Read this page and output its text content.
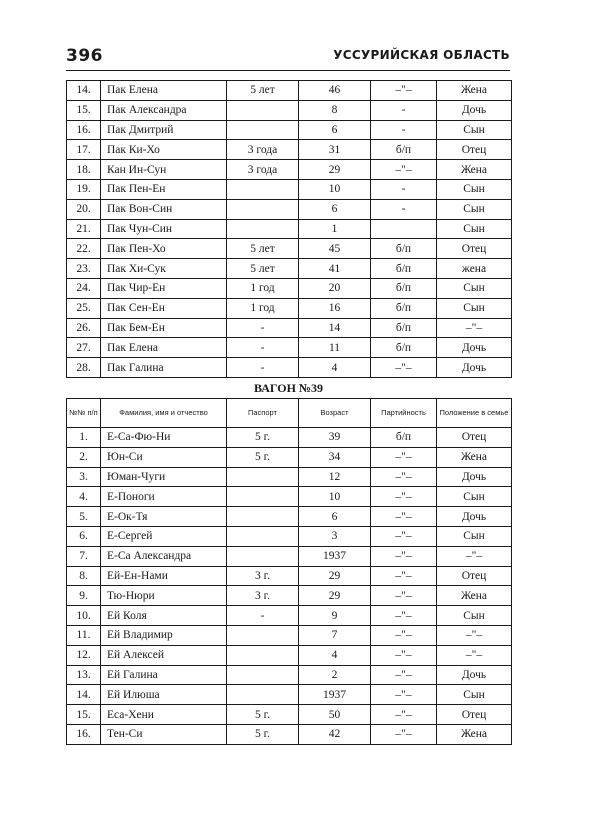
396	УССУРИЙСКАЯ ОБЛАСТЬ
14.	Пак Елена	5 лет	46	–"–	Жена
15.	Пак Александра		8	-	Дочь
16.	Пак Дмитрий		6	-	Сын
17.	Пак Ки-Хо	3 года	31	б/п	Отец
18.	Кан Ин-Сун	3 года	29	–"–	Жена
19.	Пак Пен-Ен		10	-	Сын
20.	Пак Вон-Син		6	-	Сын
21.	Пак Чун-Син		1		Сын
22.	Пак Пен-Хо	5 лет	45	б/п	Отец
23.	Пак Хи-Сук	5 лет	41	б/п	жена
24.	Пак Чир-Ен	1 год	20	б/п	Сын
25.	Пак Сен-Ен	1 год	16	б/п	Сын
26.	Пак Бем-Ен	-	14	б/п	–"–
27.	Пак Елена	-	11	б/п	Дочь
28.	Пак Галина	-	4	–"–	Дочь
ВАГОН №39
№№ п/п	Фамилия, имя и отчество	Паспорт	Возраст	Партийность	Положение в семье
1.	Е-Са-Фю-Ни	5 г.	39	б/п	Отец
2.	Юн-Си	5 г.	34	–"–	Жена
3.	Юман-Чуги		12	–"–	Дочь
4.	Е-Поноги		10	–"–	Сын
5.	Е-Ок-Тя		6	–"–	Дочь
6.	Е-Сергей		3	–"–	Сын
7.	Е-Са Александра		1937	–"–	–"–
8.	Ей-Ен-Нами	3 г.	29	–"–	Отец
9.	Тю-Нюри	3 г.	29	–"–	Жена
10.	Ей Коля	-	9	–"–	Сын
11.	Ей Владимир		7	–"–	–"–
12.	Ей Алексей		4	–"–	–"–
13.	Ей Галина		2	–"–	Дочь
14.	Ей Илюша		1937	–"–	Сын
15.	Еса-Хени	5 г.	50	–"–	Отец
16.	Тен-Си	5 г.	42	–"–	Жена
